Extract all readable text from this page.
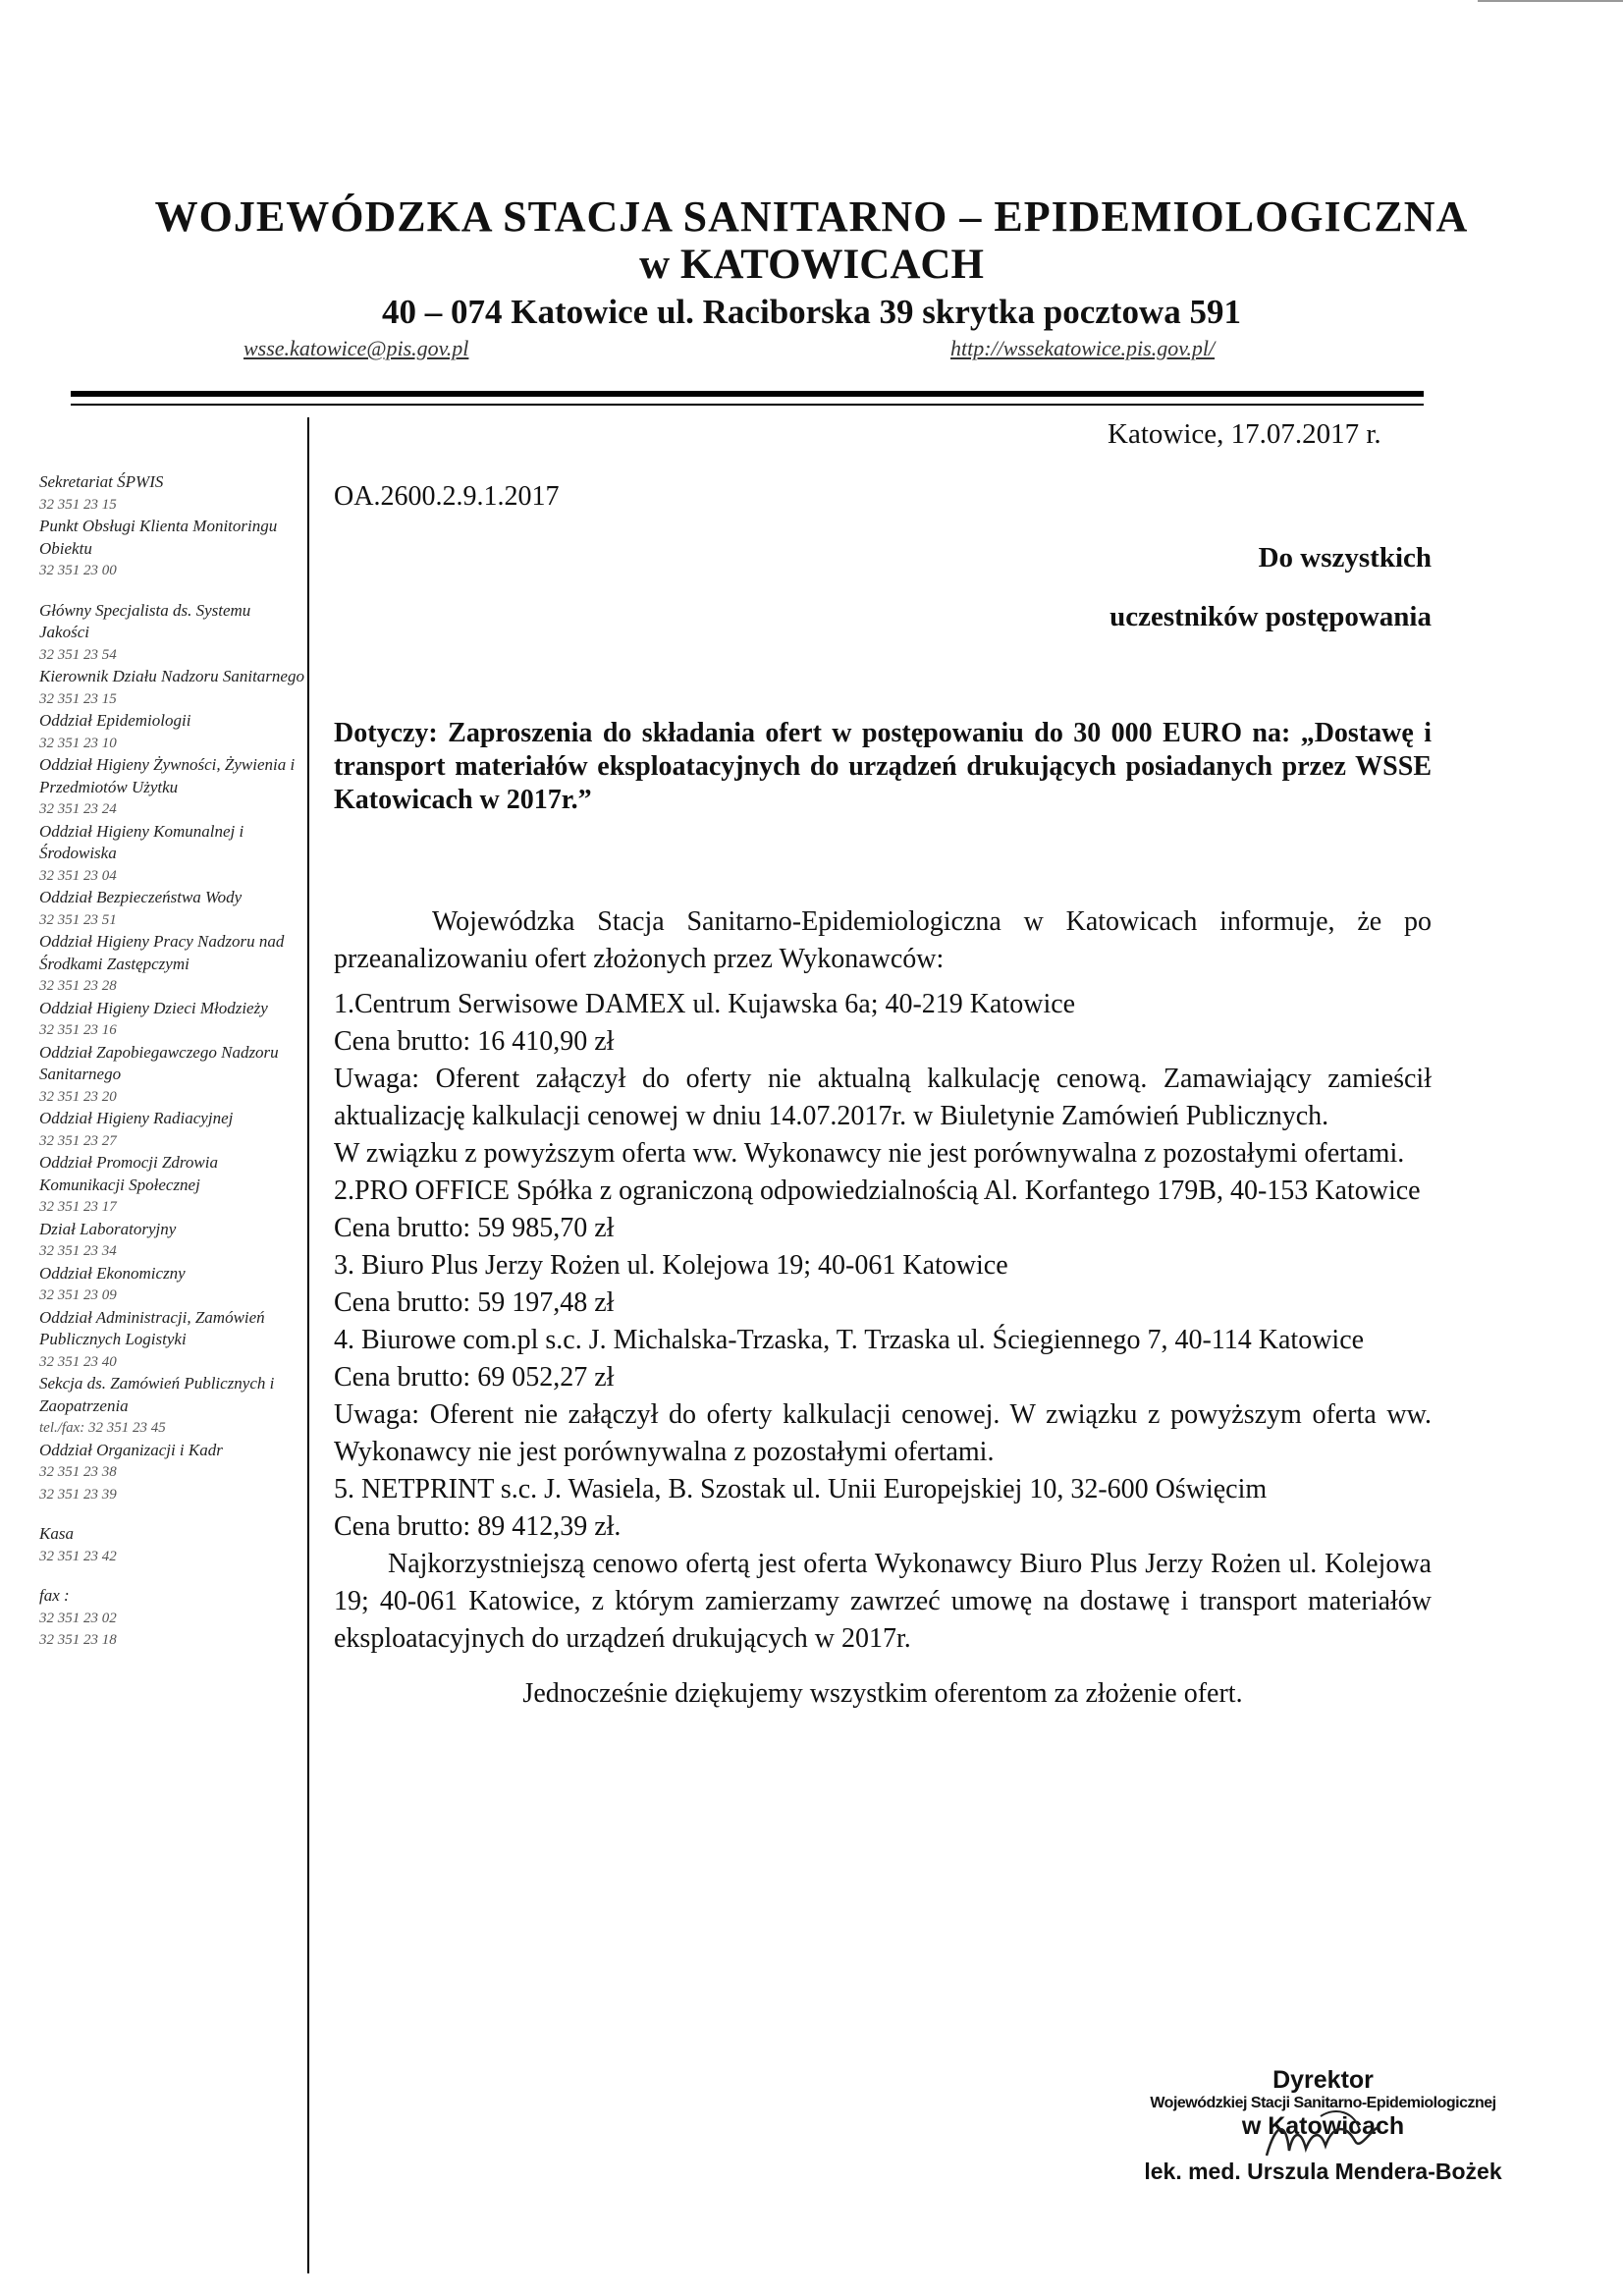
WOJEWÓDZKA STACJA SANITARNO – EPIDEMIOLOGICZNA
w KATOWICACH
40 – 074 Katowice ul. Raciborska 39 skrytka pocztowa 591
wsse.katowice@pis.gov.pl	http://wssekatowice.pis.gov.pl/
Sekretariat ŚPWIS
32 351 23 15
Punkt Obsługi Klienta Monitoringu Obiektu
32 351 23 00
Główny Specjalista ds. Systemu Jakości
32 351 23 54
Kierownik Działu Nadzoru Sanitarnego
32 351 23 15
Oddział Epidemiologii
32 351 23 10
Oddział Higieny Żywności, Żywienia i Przedmiotów Użytku
32 351 23 24
Oddział Higieny Komunalnej i Środowiska
32 351 23 04
Oddział Bezpieczeństwa Wody
32 351 23 51
Oddział Higieny Pracy Nadzoru nad Środkami Zastępczymi
32 351 23 28
Oddział Higieny Dzieci Młodzieży
32 351 23 16
Oddział Zapobiegawczego Nadzoru Sanitarnego
32 351 23 20
Oddział Higieny Radiacyjnej
32 351 23 27
Oddział Promocji Zdrowia Komunikacji Społecznej
32 351 23 17
Dział Laboratoryjny
32 351 23 34
Oddział Ekonomiczny
32 351 23 09
Oddział Administracji, Zamówień Publicznych Logistyki
32 351 23 40
Sekcja ds. Zamówień Publicznych i Zaopatrzenia
tel./fax: 32 351 23 45
Oddział Organizacji i Kadr
32 351 23 38
32 351 23 39
Kasa
32 351 23 42
fax :
32 351 23 02
32 351 23 18
Katowice, 17.07.2017 r.
OA.2600.2.9.1.2017
Do wszystkich
uczestników postępowania
Dotyczy: Zaproszenia do składania ofert w postępowaniu do 30 000 EURO na: „Dostawę i transport materiałów eksploatacyjnych do urządzeń drukujących posiadanych przez WSSE Katowicach w 2017r.”

Wojewódzka Stacja Sanitarno-Epidemiologiczna w Katowicach informuje, że po przeanalizowaniu ofert złożonych przez Wykonawców:

1.Centrum Serwisowe DAMEX ul. Kujawska 6a; 40-219 Katowice

Cena brutto: 16 410,90 zł

Uwaga: Oferent załączył do oferty nie aktualną kalkulację cenową. Zamawiający zamieścił aktualizację kalkulacji cenowej w dniu 14.07.2017r. w Biuletynie Zamówień Publicznych.

W związku z powyższym oferta ww. Wykonawcy nie jest porównywalna z pozostałymi ofertami.

2.PRO OFFICE Spółka z ograniczoną odpowiedzialnością Al. Korfantego 179B, 40-153 Katowice

Cena brutto: 59 985,70 zł

3. Biuro Plus Jerzy Rożen ul. Kolejowa 19; 40-061 Katowice

Cena brutto: 59 197,48 zł

4. Biurowe com.pl s.c. J. Michalska-Trzaska, T. Trzaska ul. Ściegiennego 7, 40-114 Katowice

Cena brutto: 69 052,27 zł

Uwaga: Oferent nie załączył do oferty kalkulacji cenowej. W związku z powyższym oferta ww. Wykonawcy nie jest porównywalna z pozostałymi ofertami.

5. NETPRINT s.c. J. Wasiela, B. Szostak ul. Unii Europejskiej 10, 32-600 Oświęcim

Cena brutto: 89 412,39 zł.

Najkorzystniejszą cenowo ofertą jest oferta Wykonawcy Biuro Plus Jerzy Rożen ul. Kolejowa 19; 40-061 Katowice, z którym zamierzamy zawrzeć umowę na dostawę i transport materiałów eksploatacyjnych do urządzeń drukujących w 2017r.

Jednocześnie dziękujemy wszystkim oferentom za złożenie ofert.

Dyrektor
Wojewódzkiej Stacji Sanitarno-Epidemiologicznej
w Katowicach
lek. med. Urszula Mendera-Bożek
